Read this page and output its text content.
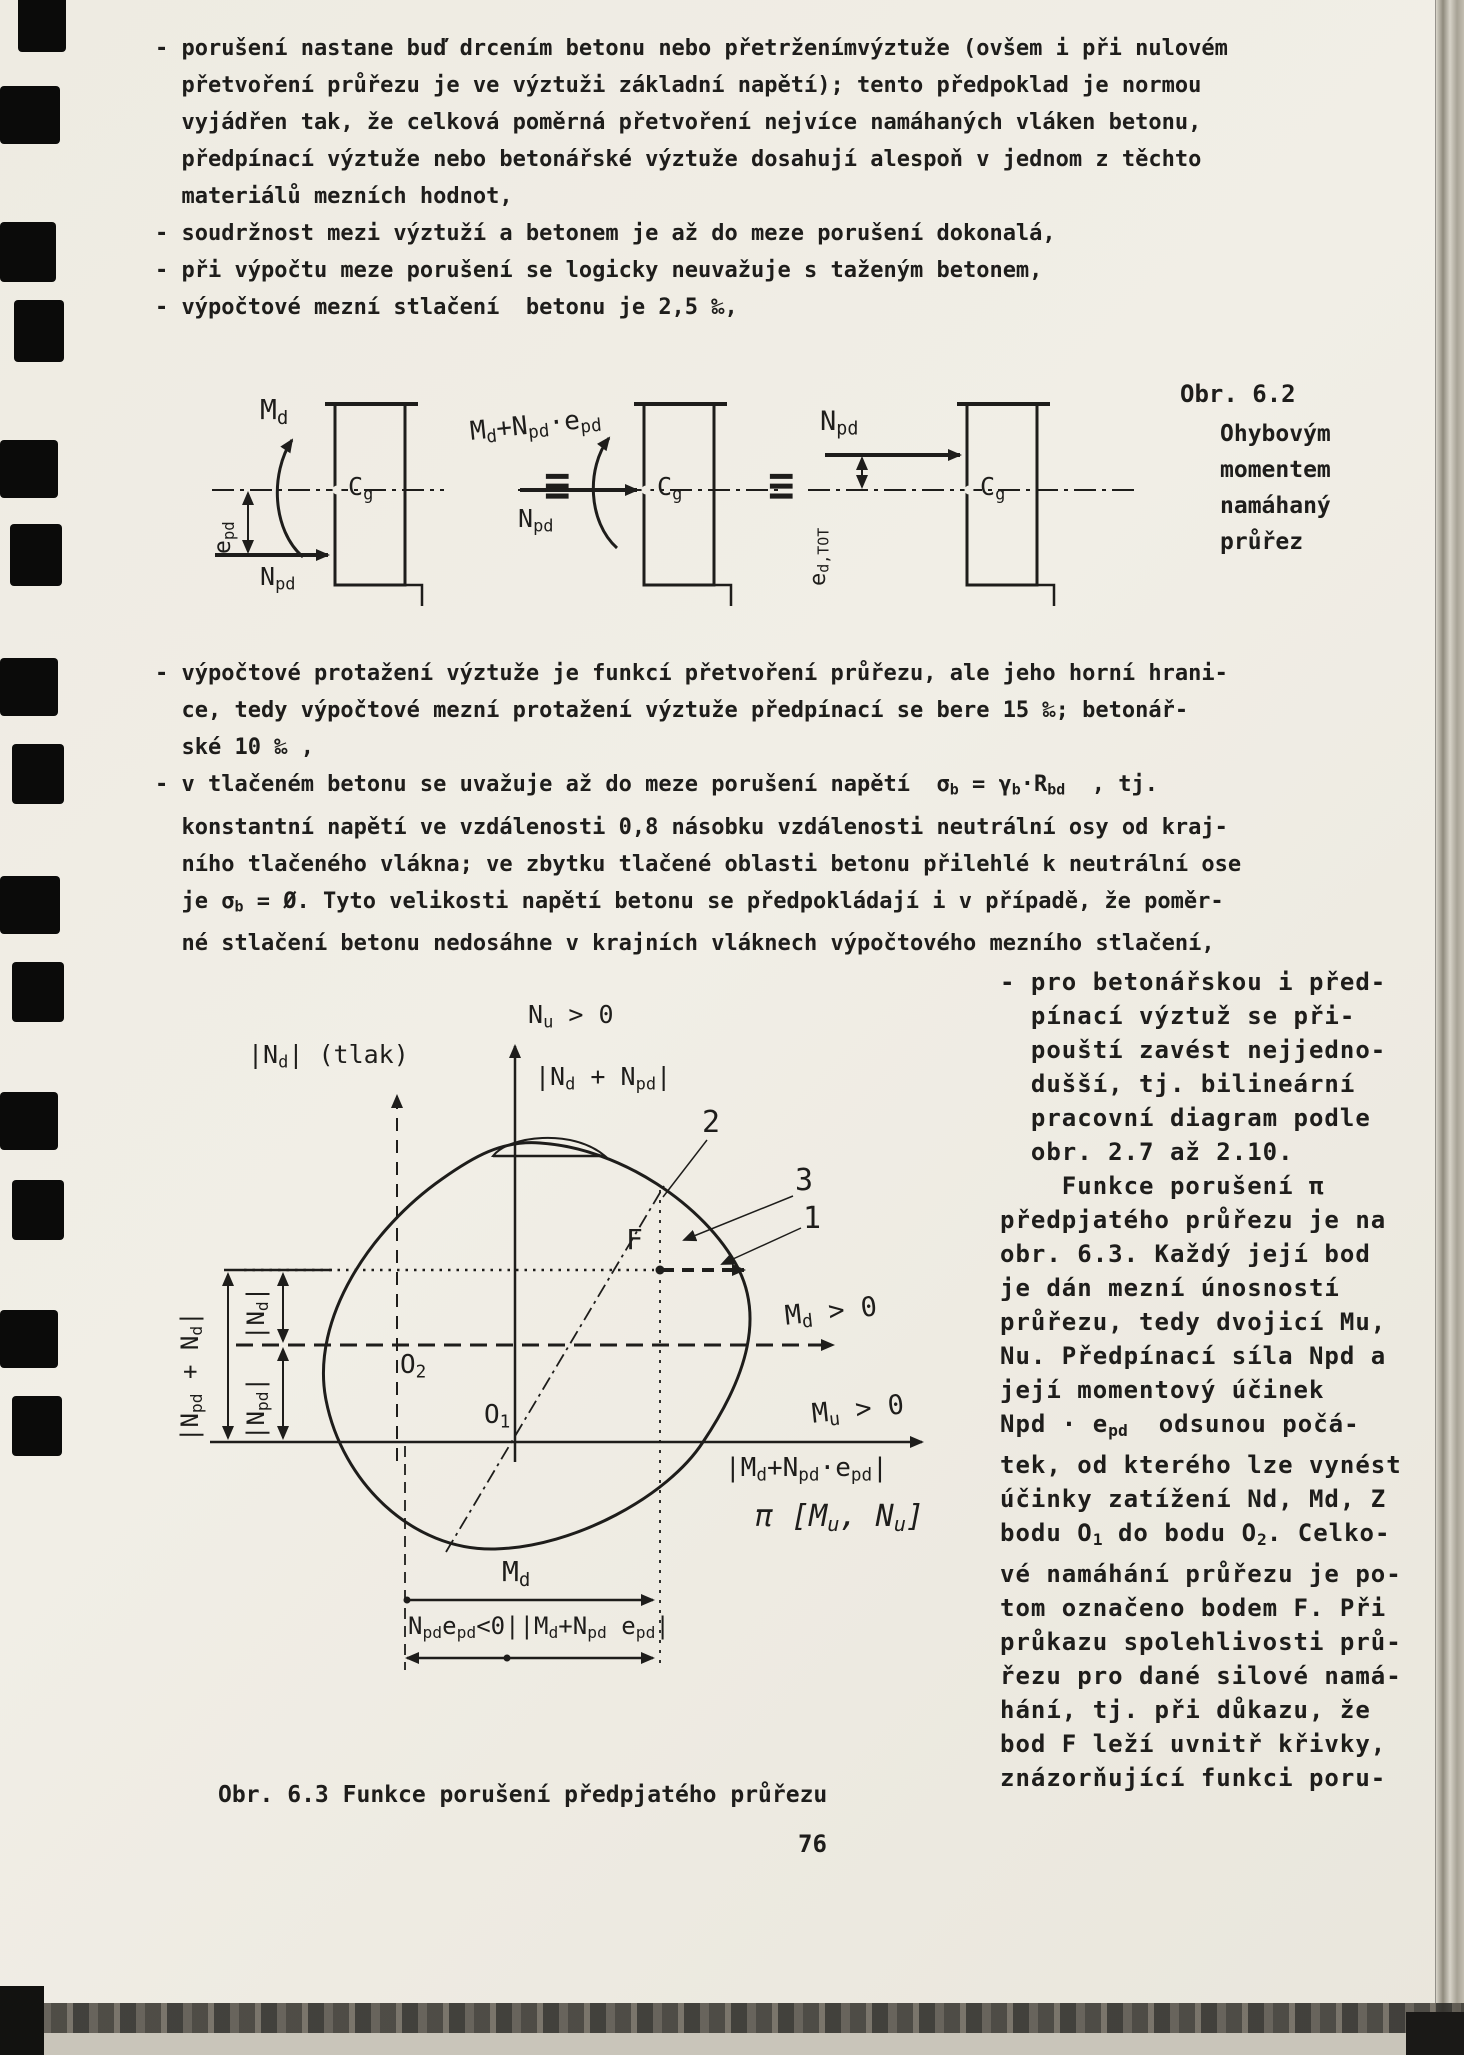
- porušení nastane buď drcením betonu nebo přetrženímvýztuže (ovšem i při nulovém
přetvoření průřezu je ve výztuži základní napětí); tento předpoklad je normou
vyjádřen tak, že celková poměrná přetvoření nejvíce namáhaných vláken betonu,
předpínací výztuže nebo betonářské výztuže dosahují alespoň v jednom z těchto
materiálů mezních hodnot,
- soudržnost mezi výztuží a betonem je až do meze porušení dokonalá,
- při výpočtu meze porušení se logicky neuvažuje s taženým betonem,
- výpočtové mezní stlačení  betonu je 2,5 ‰,
$M_d$
$N_{pd}$
$C_g$
$e_{pd}$
≡
$M_d+N_{pd}\cdot e_{pd}$
$N_{pd}$
$C_g$ ≡
$N_{pd}$
$e_{d,TOT}$
$C_g$
Obr. 6.2
Ohybovým
momentem
namáhaný
průřez
- výpočtové protažení výztuže je funkcí přetvoření průřezu, ale jeho horní hrani-
ce, tedy výpočtové mezní protažení výztuže předpínací se bere 15 ‰; betonář-
ské 10 ‰ ,
- v tlačeném betonu se uvažuje až do meze porušení napětí  $\sigma_b = \gamma_b\cdot R_{bd}$  , tj.
konstantní napětí ve vzdálenosti 0,8 násobku vzdálenosti neutrální osy od kraj-
ního tlačeného vlákna; ve zbytku tlačené oblasti betonu přilehlé k neutrální ose
je $\sigma_b$ = Ø. Tyto velikosti napětí betonu se předpokládají i v případě, že poměr-
né stlačení betonu nedosáhne v krajních vláknech výpočtového mezního stlačení,
- pro betonářskou i před-
pínací výztuž se při-
pouští zavést nejjedno-
dušší, tj. bilineární
pracovní diagram podle
obr. 2.7 až 2.10.
Funkce porušení π
předpjatého průřezu je na
obr. 6.3. Každý její bod
je dán mezní únosností
průřezu, tedy dvojicí Mu,
Nu. Předpínací síla Npd a
její momentový účinek
Npd · $e_{pd}$  odsunou počá-
tek, od kterého lze vynést
účinky zatížení Nd, Md, Z
bodu $O_1$ do bodu $O_2$. Celko-
vé namáhání průřezu je po-
tom označeno bodem F. Při
průkazu spolehlivosti prů-
řezu pro dané silové namá-
hání, tj. při důkazu, že
bod F leží uvnitř křivky,
znázorňující funkci poru-
$N_u > 0$
$|N_d|$ (tlak)
$|N_d + N_{pd}|$
2
3
1
F
$M_d > 0$
$M_u > 0$
$O_2$
$O_1$
$|M_d+N_{pd}\cdot e_{pd}|$
π [$M_u$, $N_u$]
$|N_{pd} + N_d|$ $|N_d|$
$|N_{pd}|$
$M_d$
$N_{pd}e_{pd}<0||M_d+N_{pd}$ $e_{pd}|$
Obr. 6.3 Funkce porušení předpjatého průřezu
76
